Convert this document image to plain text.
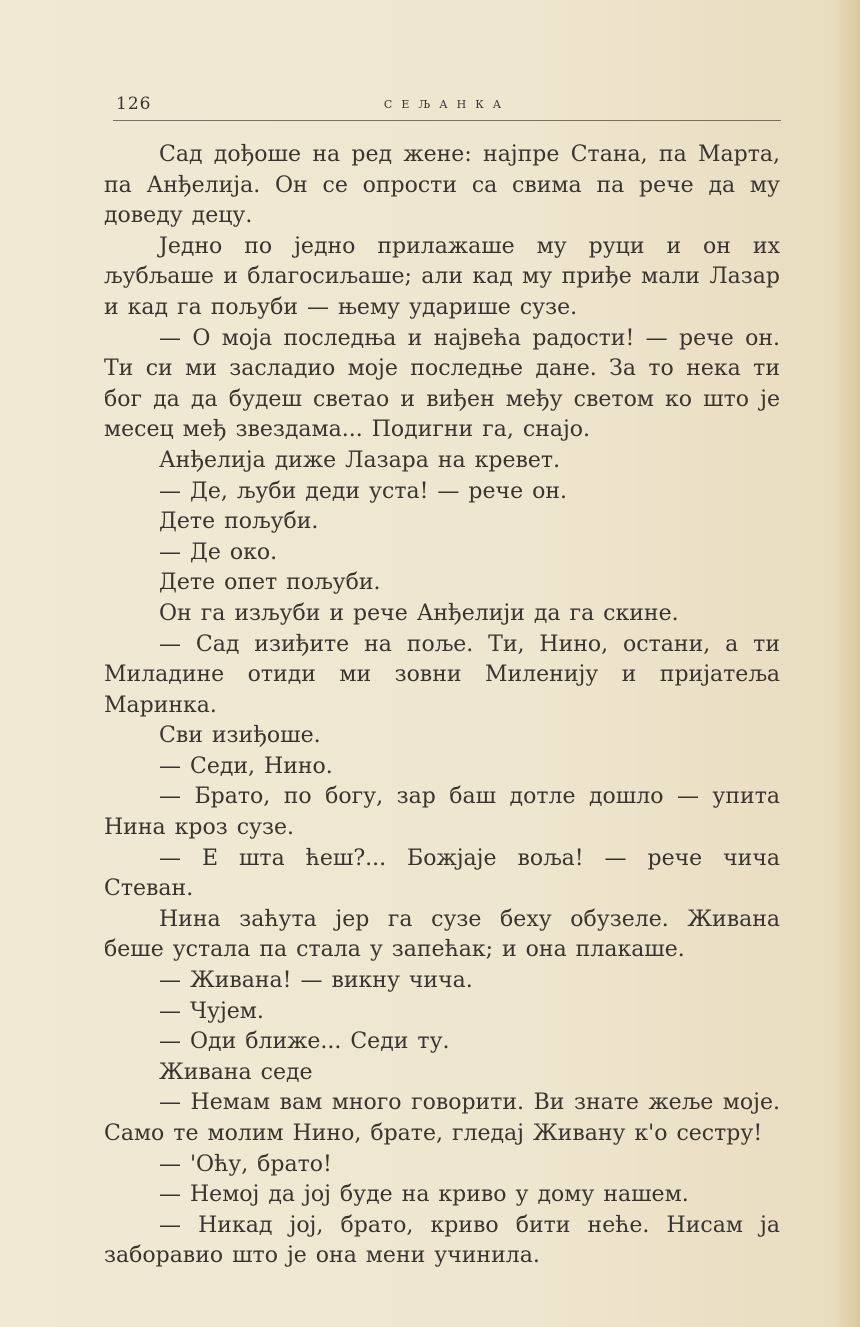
126	СЕЉАНКА

Сад дођоше на ред жене: најпре Стана, па Марта, па Анђелија. Он се опрости са свима па рече да му доведу децу.

Једно по једно прилажаше му руци и он их љубљаше и благосиљаше; али кад му приђе мали Лазар и кад га пољуби — њему ударише сузе.

— О моја последња и највећа радости! — рече он. Ти си ми засладио моје последње дане. За то нека ти бог да да будеш светао и виђен међу светом ко што је месец међ звездама... Подигни га, снајо.

Анђелија диже Лазара на кревет.

— Де, љуби деди уста! — рече он.

Дете пољуби.

— Де око.

Дете опет пољуби.

Он га изљуби и рече Анђелији да га скине.

— Сад изиђите на поље. Ти, Нино, остани, а ти Миладине отиди ми зовни Миленију и пријатеља Маринка.

Сви изиђоше.

— Седи, Нино.

— Брато, по богу, зар баш дотле дошло — упита Нина кроз сузе.

— Е шта ћеш?... Божјаје воља! — рече чича Стеван.

Нина заћута јер га сузе беху обузеле. Живана беше устала па стала у запећак; и она плакаше.

— Живана! — викну чича.

— Чујем.

— Оди ближе... Седи ту.

Живана седе

— Немам вам много говорити. Ви знате жеље моје. Само те молим Нино, брате, гледај Живану к'о сестру!

— 'Оћу, брато!

— Немој да јој буде на криво у дому нашем.

— Никад јој, брато, криво бити неће. Нисам ја заборавио што је она мени учинила.
